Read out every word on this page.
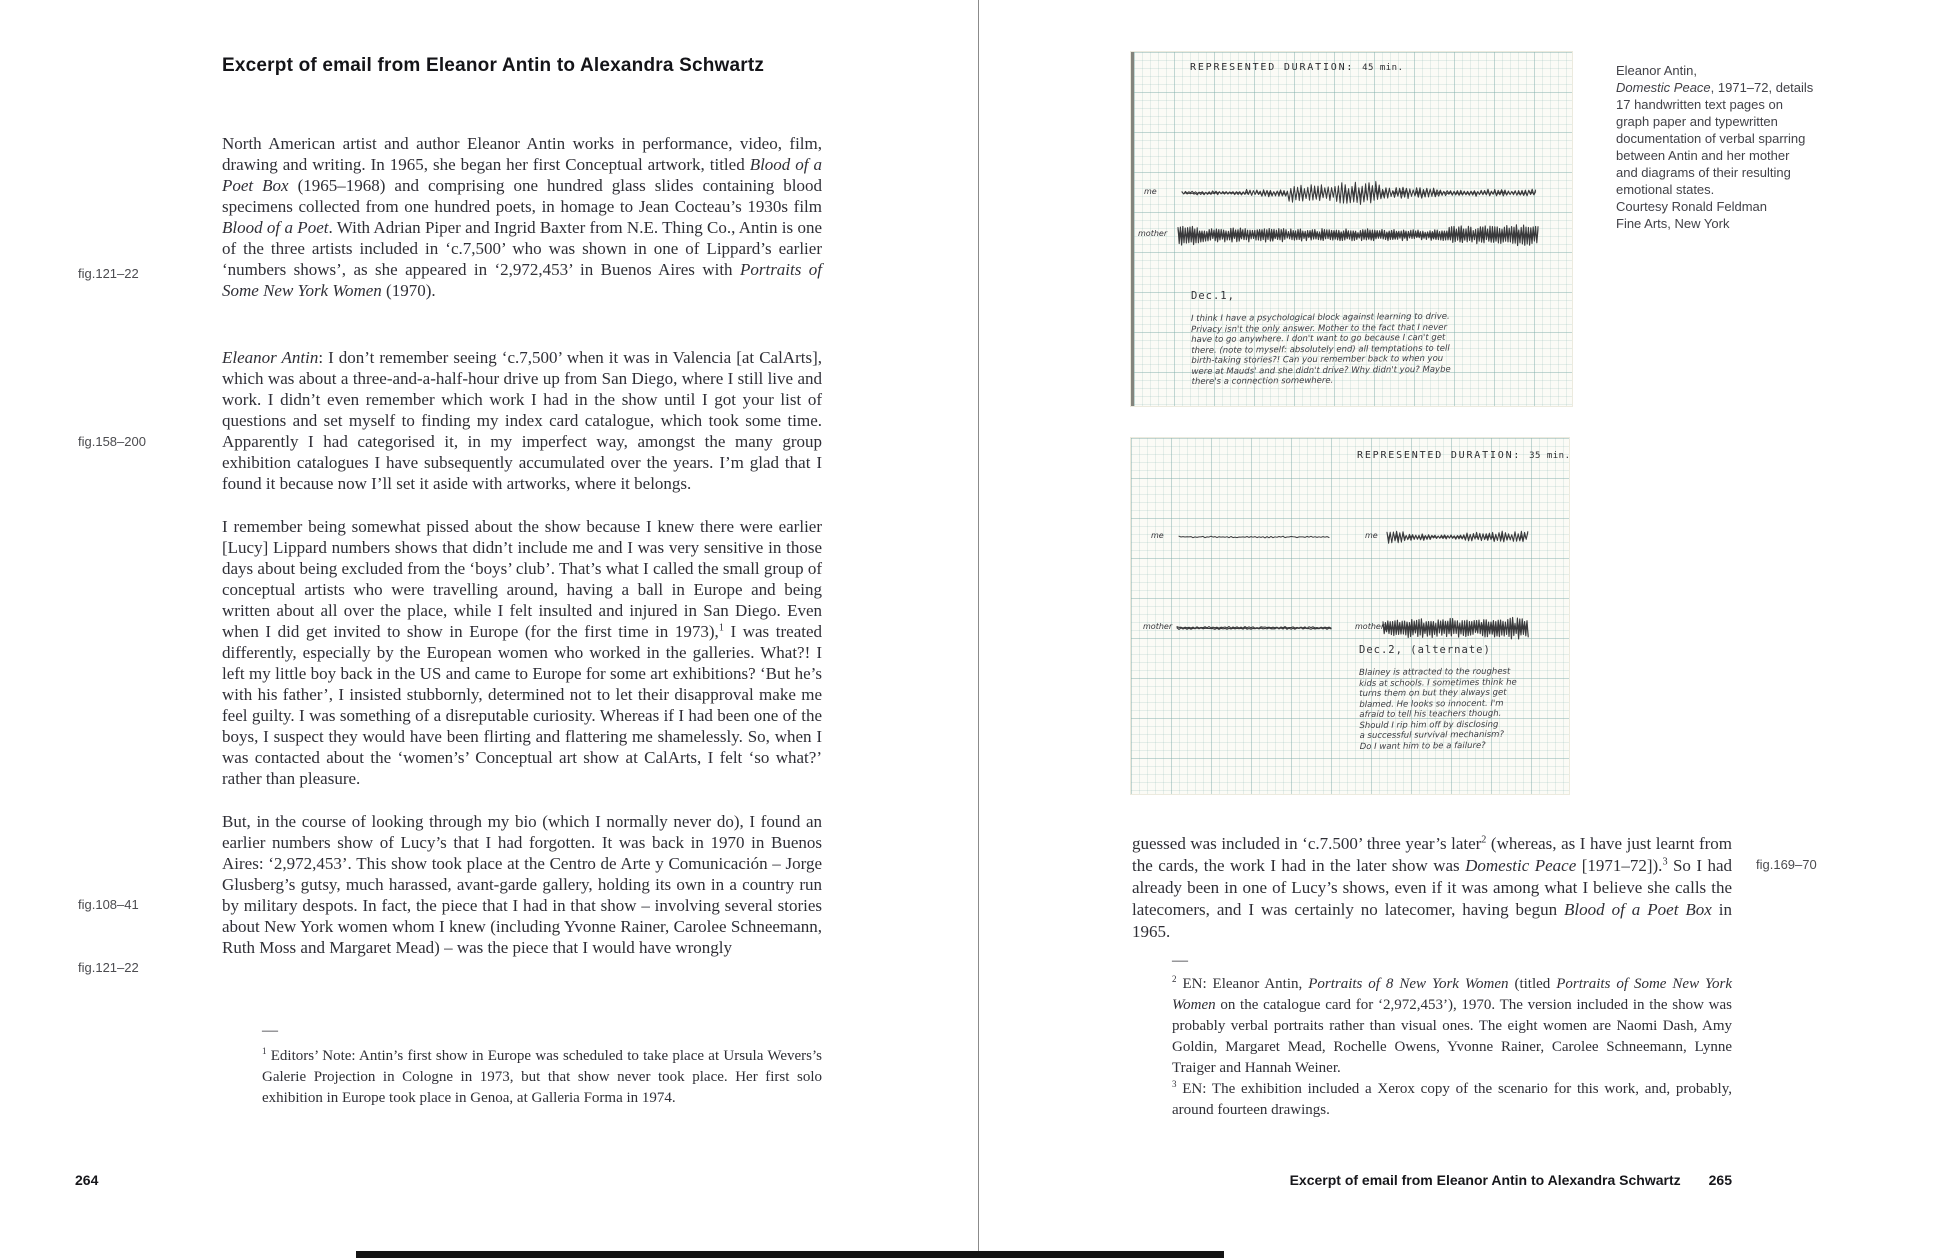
Excerpt of email from Eleanor Antin to Alexandra Schwartz
fig.121–22
fig.158–200
fig.108–41
fig.121–22

North American artist and author Eleanor Antin works in performance, video, film, drawing and writing. In 1965, she began her first Conceptual artwork, titled Blood of a Poet Box (1965–1968) and comprising one hundred glass slides containing blood specimens collected from one hundred poets, in homage to Jean Cocteau’s 1930s film Blood of a Poet. With Adrian Piper and Ingrid Baxter from N.E. Thing Co., Antin is one of the three artists included in ‘c.7,500’ who was shown in one of Lippard’s earlier ‘numbers shows’, as she appeared in ‘2,972,453’ in Buenos Aires with Portraits of Some New York Women (1970).

Eleanor Antin: I don’t remember seeing ‘c.7,500’ when it was in Valencia [at CalArts], which was about a three-and-a-half-hour drive up from San Diego, where I still live and work. I didn’t even remember which work I had in the show until I got your list of questions and set myself to finding my index card catalogue, which took some time. Apparently I had categorised it, in my imperfect way, amongst the many group exhibition catalogues I have subsequently accumulated over the years. I’m glad that I found it because now I’ll set it aside with artworks, where it belongs.

I remember being somewhat pissed about the show because I knew there were earlier [Lucy] Lippard numbers shows that didn’t include me and I was very sensitive in those days about being excluded from the ‘boys’ club’. That’s what I called the small group of conceptual artists who were travelling around, having a ball in Europe and being written about all over the place, while I felt insulted and injured in San Diego. Even when I did get invited to show in Europe (for the first time in 1973),$^1$ I was treated differently, especially by the European women who worked in the galleries. What?! I left my little boy back in the US and came to Europe for some art exhibitions? ‘But he’s with his father’, I insisted stubbornly, determined not to let their disapproval make me feel guilty. I was something of a disreputable curiosity. Whereas if I had been one of the boys, I suspect they would have been flirting and flattering me shamelessly. So, when I was contacted about the ‘women’s’ Conceptual art show at CalArts, I felt ‘so what?’ rather than pleasure.

But, in the course of looking through my bio (which I normally never do), I found an earlier numbers show of Lucy’s that I had forgotten. It was back in 1970 in Buenos Aires: ‘2,972,453’. This show took place at the Centro de Arte y Comunicación – Jorge Glusberg’s gutsy, much harassed, avant-garde gallery, holding its own in a country run by military despots. In fact, the piece that I had in that show – involving several stories about New York women whom I knew (including Yvonne Rainer, Carolee Schneemann, Ruth Moss and Margaret Mead) – was the piece that I would have wrongly

—
$^1$ Editors’ Note: Antin’s first show in Europe was scheduled to take place at Ursula Wevers’s Galerie Projection in Cologne in 1973, but that show never took place. Her first solo exhibition in Europe took place in Genoa, at Galleria Forma in 1974.
264
REPRESENTED DURATION: 45 min.
me
mother
Dec.1,
I think I have a psychological block against learning to drive.
Privacy isn't the only answer. Mother to the fact that I never
have to go anywhere. I don't want to go because I can't get
there. (note to myself: absolutely end) all temptations to tell
birth-taking stories?! Can you remember back to when you
were at Mauds' and she didn't drive? Why didn't you? Maybe
there's a connection somewhere.
REPRESENTED DURATION: 35 min.
me
mother
me
mother
Dec.2, (alternate)
Blainey is attracted to the roughest
kids at schools. I sometimes think he
turns them on but they always get
blamed. He looks so innocent. I'm
afraid to tell his teachers though.
Should I rip him off by disclosing
a successful survival mechanism?
Do I want him to be a failure?
Eleanor Antin,
Domestic Peace, 1971–72, details
17 handwritten text pages on
graph paper and typewritten
documentation of verbal sparring
between Antin and her mother
and diagrams of their resulting
emotional states.
Courtesy Ronald Feldman
Fine Arts, New York

guessed was included in ‘c.7.500’ three year’s later$^2$ (whereas, as I have just learnt from the cards, the work I had in the later show was Domestic Peace [1971–72]).$^3$ So I had already been in one of Lucy’s shows, even if it was among what I believe she calls the latecomers, and I was certainly no latecomer, having begun Blood of a Poet Box in 1965.

fig.169–70
—

$^2$ EN: Eleanor Antin, Portraits of 8 New York Women (titled Portraits of Some New York Women on the catalogue card for ‘2,972,453’), 1970. The version included in the show was probably verbal portraits rather than visual ones. The eight women are Naomi Dash, Amy Goldin, Margaret Mead, Rochelle Owens, Yvonne Rainer, Carolee Schneemann, Lynne Traiger and Hannah Weiner.

$^3$ EN: The exhibition included a Xerox copy of the scenario for this work, and, probably, around fourteen drawings.

Excerpt of email from Eleanor Antin to Alexandra Schwartz 265
